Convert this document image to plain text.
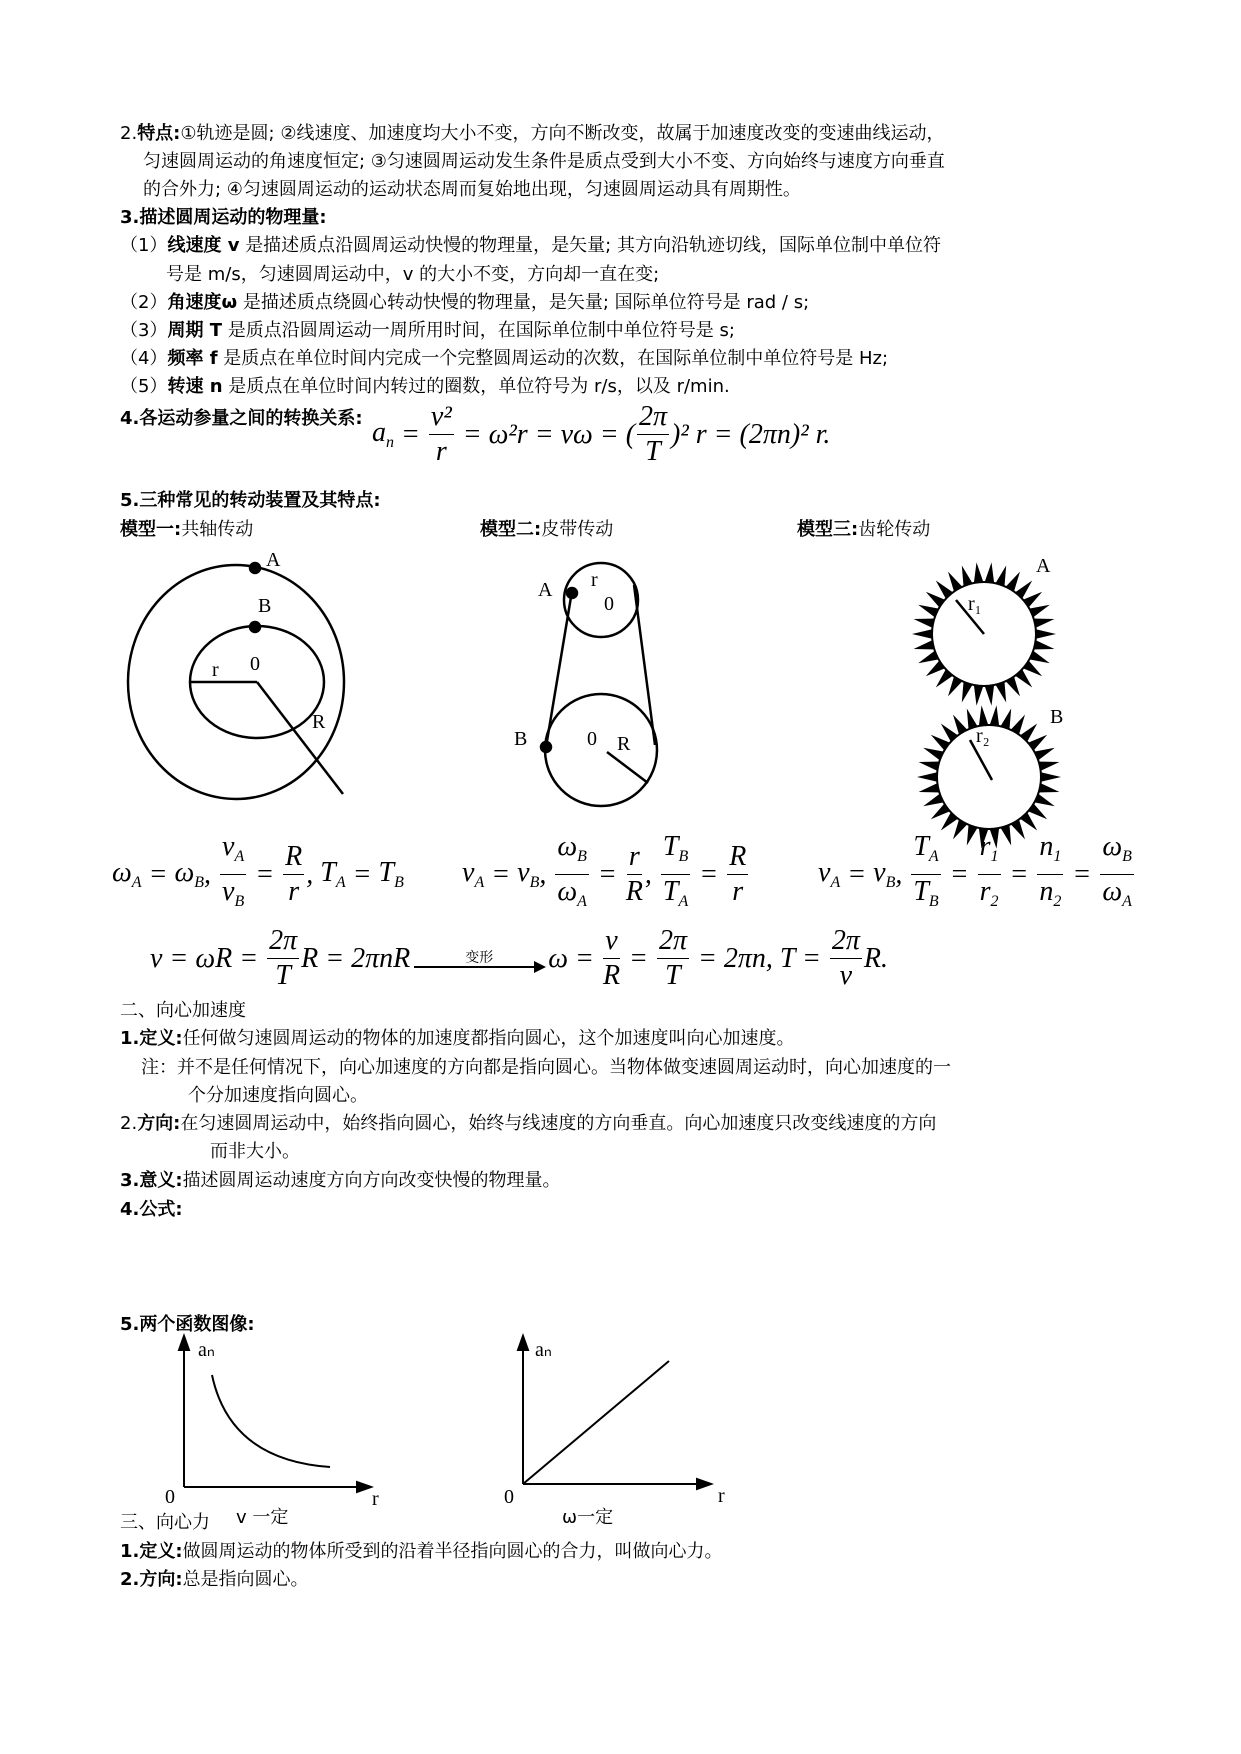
2.特点:①轨迹是圆; ②线速度、加速度均大小不变，方向不断改变，故属于加速度改变的变速曲线运动，
匀速圆周运动的角速度恒定; ③匀速圆周运动发生条件是质点受到大小不变、方向始终与速度方向垂直
的合外力; ④匀速圆周运动的运动状态周而复始地出现，匀速圆周运动具有周期性。
3.描述圆周运动的物理量:
（1）线速度 v 是描述质点沿圆周运动快慢的物理量，是矢量; 其方向沿轨迹切线，国际单位制中单位符
号是 m/s，匀速圆周运动中，v 的大小不变，方向却一直在变;
（2）角速度ω 是描述质点绕圆心转动快慢的物理量，是矢量; 国际单位符号是 rad / s;
（3）周期 T 是质点沿圆周运动一周所用时间，在国际单位制中单位符号是 s;
（4）频率 f 是质点在单位时间内完成一个完整圆周运动的次数，在国际单位制中单位符号是 Hz;
（5）转速 n 是质点在单位时间内转过的圈数，单位符号为 r/s，以及 r/min.
4.各运动参量之间的转换关系: $a_n = \frac{\text{v²}}{r} = \omega^2r = v\omega$ = (
2π
T
)² r = (2πn)² r.
5.三种常见的转动装置及其特点:
模型一:共轴传动	模型二:皮带传动	模型三:齿轮传动
A
B
0
r
R
A r
0
B	0 R
A
r₁
B
r₂
aₙ
0	r
aₙ
0	r
$\omega_A = \omega_B$ , $\frac{v_A}{v_B} = \frac{R}{r}$ , $T_A = T_B$ $v_A = v_B$ , $\frac{\omega_B}{\omega_A} = \frac{r}{R}$ , $\frac{T_B}{T_A} = \frac{R}{r} v_A = v_B$ , $\frac{T_A}{T_B} = \frac{r_1}{r_2} = \frac{n_1}{n_2} = \frac{\omega_B}{\omega_A}$
$v = \omega R = \frac{2\pi}{T}$ R = 2πnR	变形 $\omega = \frac{v}{R} = \frac{2\pi}{T} = 2\pi n$, $T = \frac{2\pi}{v} R$.
二、向心加速度
1.定义:任何做匀速圆周运动的物体的加速度都指向圆心，这个加速度叫向心加速度。
注：并不是任何情况下，向心加速度的方向都是指向圆心。当物体做变速圆周运动时，向心加速度的一
个分加速度指向圆心。
2.方向:在匀速圆周运动中，始终指向圆心，始终与线速度的方向垂直。向心加速度只改变线速度的方向
而非大小。
3.意义:描述圆周运动速度方向方向改变快慢的物理量。
4.公式:
5.两个函数图像:
三、向心力 v 一定	ω一定
1.定义:做圆周运动的物体所受到的沿着半径指向圆心的合力，叫做向心力。
2.方向:总是指向圆心。
